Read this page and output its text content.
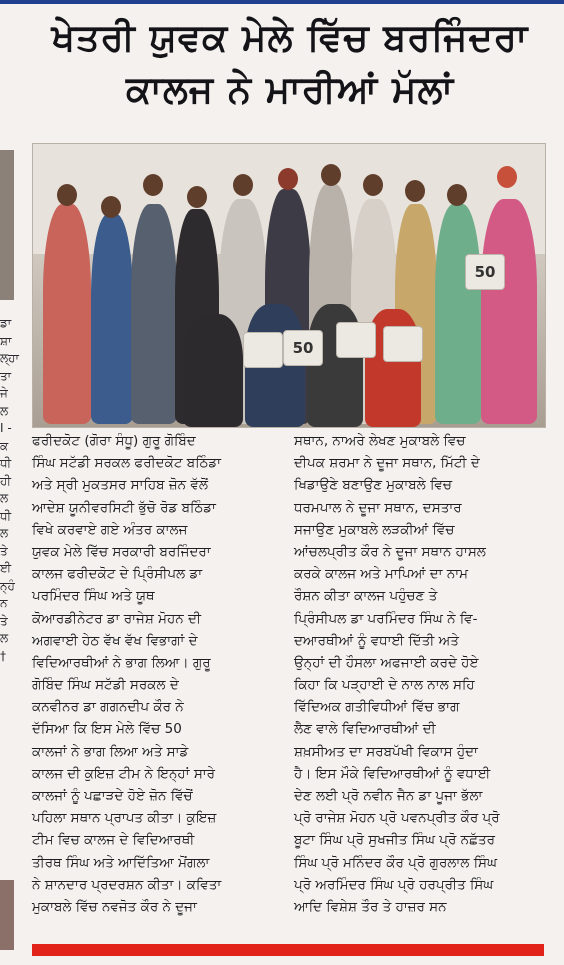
ਡਾ
ਸ਼ਾ
ਲ੍ਹਾ
ਤਾ
ਜੇ
ਲ
I -
ਕ
ਧੀ
ਹੀ
ਲ
ਧੀ
ਲ
ਤੇ
ਈ
ਨ੍ਹੰ
ਨ
ਤੇ
ਲ
†
ਖੇਤਰੀ ਯੁਵਕ ਮੇਲੇ ਵਿੱਚ ਬਰਜਿੰਦਰਾ
ਕਾਲਜ ਨੇ ਮਾਰੀਆਂ ਮੱਲਾਂ
50
50
ਫਰੀਦਕੋਟ (ਗੋਰਾ ਸੰਧੂ) ਗੁਰੂ ਗੋਬਿੰਦ
ਸਿੰਘ ਸਟੱਡੀ ਸਰਕਲ ਫਰੀਦਕੋਟ ਬਠਿੰਡਾ
ਅਤੇ ਸ੍ਰੀ ਮੁਕਤਸਰ ਸਾਹਿਬ ਜ਼ੋਨ ਵੱਲੋਂ
ਆਦੇਸ਼ ਯੂਨੀਵਰਸਿਟੀ ਭੁੱਚੋ ਰੋਡ ਬਠਿੰਡਾ
ਵਿਖੇ ਕਰਵਾਏ ਗਏ ਅੰਤਰ ਕਾਲਜ
ਯੁਵਕ ਮੇਲੇ ਵਿੱਚ ਸਰਕਾਰੀ ਬਰਜਿੰਦਰਾ
ਕਾਲਜ ਫਰੀਦਕੋਟ ਦੇ ਪ੍ਰਿੰਸੀਪਲ ਡਾ
ਪਰਮਿੰਦਰ ਸਿੰਘ ਅਤੇ ਯੂਥ
ਕੋਆਰਡੀਨੇਟਰ ਡਾ ਰਾਜੇਸ਼ ਮੋਹਨ ਦੀ
ਅਗਵਾਈ ਹੇਠ ਵੱਖ ਵੱਖ ਵਿਭਾਗਾਂ ਦੇ
ਵਿਦਿਆਰਥੀਆਂ ਨੇ ਭਾਗ ਲਿਆ। ਗੁਰੂ
ਗੋਬਿੰਦ ਸਿੰਘ ਸਟੱਡੀ ਸਰਕਲ ਦੇ
ਕਨਵੀਨਰ ਡਾ ਗਗਨਦੀਪ ਕੌਰ ਨੇ
ਦੱਸਿਆ ਕਿ ਇਸ ਮੇਲੇ ਵਿੱਚ 50
ਕਾਲਜਾਂ ਨੇ ਭਾਗ ਲਿਆ ਅਤੇ ਸਾਡੇ
ਕਾਲਜ ਦੀ ਕੁਇਜ਼ ਟੀਮ ਨੇ ਇਨ੍ਹਾਂ ਸਾਰੇ
ਕਾਲਜਾਂ ਨੂੰ ਪਛਾੜਦੇ ਹੋਏ ਜ਼ੋਨ ਵਿੱਚੋਂ
ਪਹਿਲਾ ਸਥਾਨ ਪ੍ਰਾਪਤ ਕੀਤਾ। ਕੁਇਜ਼
ਟੀਮ ਵਿਚ ਕਾਲਜ ਦੇ ਵਿਦਿਆਰਥੀ
ਤੀਰਥ ਸਿੰਘ ਅਤੇ ਆਦਿੱਤਿਆ ਮੋਂਗਲਾ
ਨੇ ਸ਼ਾਨਦਾਰ ਪ੍ਰਦਰਸ਼ਨ ਕੀਤਾ। ਕਵਿਤਾ
ਮੁਕਾਬਲੇ ਵਿੱਚ ਨਵਜੋਤ ਕੌਰ ਨੇ ਦੂਜਾ
ਸਥਾਨ, ਨਾਅਰੇ ਲੇਖਣ ਮੁਕਾਬਲੇ ਵਿਚ
ਦੀਪਕ ਸ਼ਰਮਾ ਨੇ ਦੂਜਾ ਸਥਾਨ, ਮਿੱਟੀ ਦੇ
ਖਿਡਾਉਣੇ ਬਣਾਉਣ ਮੁਕਾਬਲੇ ਵਿਚ
ਧਰਮਪਾਲ ਨੇ ਦੂਜਾ ਸਥਾਨ, ਦਸਤਾਰ
ਸਜਾਉਣ ਮੁਕਾਬਲੇ ਲੜਕੀਆਂ ਵਿੱਚ
ਆਂਚਲਪ੍ਰੀਤ ਕੌਰ ਨੇ ਦੂਜਾ ਸਥਾਨ ਹਾਸਲ
ਕਰਕੇ ਕਾਲਜ ਅਤੇ ਮਾਪਿਆਂ ਦਾ ਨਾਮ
ਰੌਸ਼ਨ ਕੀਤਾ ਕਾਲਜ ਪਹੁੰਚਣ ਤੇ
ਪ੍ਰਿੰਸੀਪਲ ਡਾ ਪਰਮਿੰਦਰ ਸਿੰਘ ਨੇ ਵਿ-
ਦਆਰਥੀਆਂ ਨੂੰ ਵਧਾਈ ਦਿੱਤੀ ਅਤੇ
ਉਨ੍ਹਾਂ ਦੀ ਹੌਸਲਾ ਅਫਜਾਈ ਕਰਦੇ ਹੋਏ
ਕਿਹਾ ਕਿ ਪੜ੍ਹਾਈ ਦੇ ਨਾਲ ਨਾਲ ਸਹਿ
ਵਿੱਦਿਅਕ ਗਤੀਵਿਧੀਆਂ ਵਿੱਚ ਭਾਗ
ਲੈਣ ਵਾਲੇ ਵਿਦਿਆਰਥੀਆਂ ਦੀ
ਸ਼ਖ਼ਸੀਅਤ ਦਾ ਸਰਬਪੱਖੀ ਵਿਕਾਸ ਹੁੰਦਾ
ਹੈ। ਇਸ ਮੌਕੇ ਵਿਦਿਆਰਥੀਆਂ ਨੂੰ ਵਧਾਈ
ਦੇਣ ਲਈ ਪ੍ਰੋ ਨਵੀਨ ਜੈਨ ਡਾ ਪੂਜਾ ਭੱਲਾ
ਪ੍ਰੋ ਰਾਜੇਸ਼ ਮੋਹਨ ਪ੍ਰੋ ਪਵਨਪ੍ਰੀਤ ਕੌਰ ਪ੍ਰੋ
ਬੂਟਾ ਸਿੰਘ ਪ੍ਰੋ ਸੁਖਜੀਤ ਸਿੰਘ ਪ੍ਰੋ ਨਛੱਤਰ
ਸਿੰਘ ਪ੍ਰੋ ਮਨਿੰਦਰ ਕੌਰ ਪ੍ਰੋ ਗੁਰਲਾਲ ਸਿੰਘ
ਪ੍ਰੋ ਅਰਮਿੰਦਰ ਸਿੰਘ ਪ੍ਰੋ ਹਰਪ੍ਰੀਤ ਸਿੰਘ
ਆਦਿ ਵਿਸ਼ੇਸ਼ ਤੌਰ ਤੇ ਹਾਜ਼ਰ ਸਨ
